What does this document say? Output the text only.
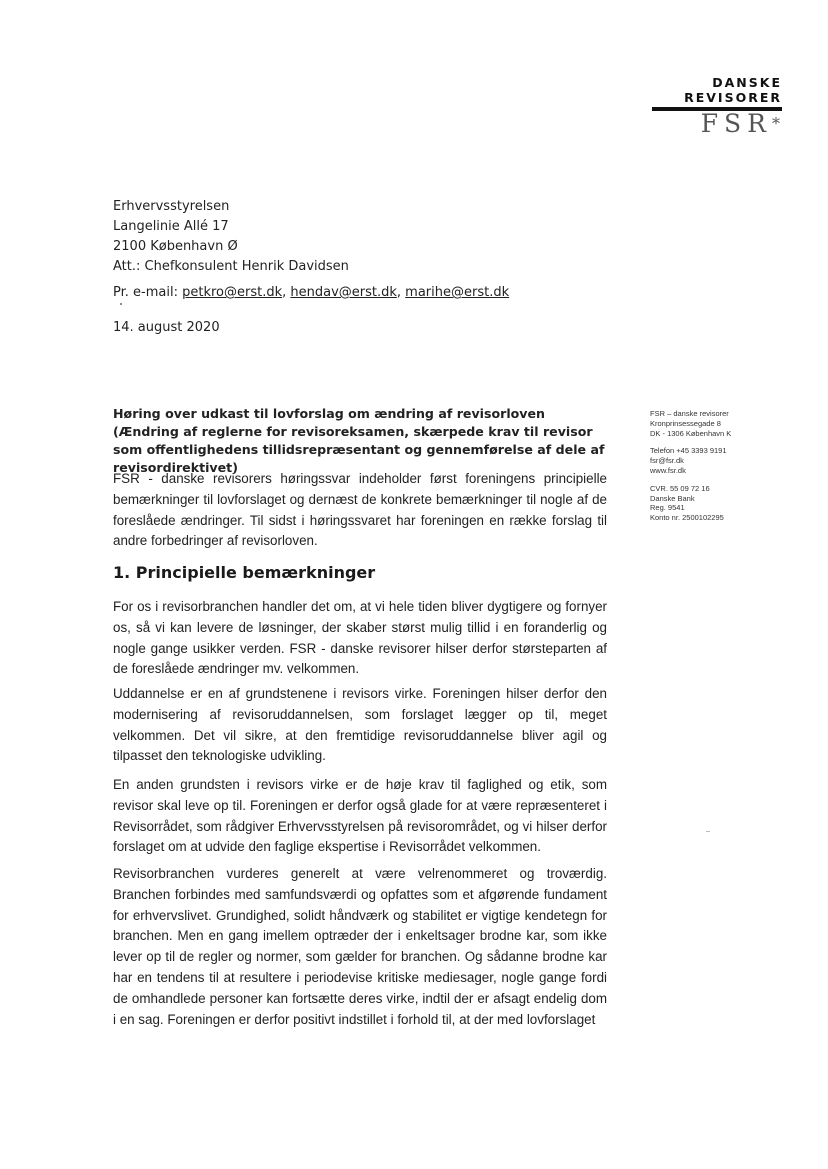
DANSKE
REVISORER
FSR*
Erhvervsstyrelsen
Langelinie Allé 17
2100 København Ø
Att.: Chefkonsulent Henrik Davidsen
Pr. e-mail: petkro@erst.dk, hendav@erst.dk, marihe@erst.dk
14. august 2020
Høring over udkast til lovforslag om ændring af revisorloven (Ændring af reglerne for revisoreksamen, skærpede krav til revisor som offentlighedens tillidsrepræsentant og gennemførelse af dele af revisordirektivet)
FSR – danske revisorer
Kronprinsessegade 8
DK - 1306 København K
Telefon +45 3393 9191
fsr@fsr.dk
www.fsr.dk
CVR. 55 09 72 16
Danske Bank
Reg. 9541
Konto nr. 2500102295

FSR - danske revisorers høringssvar indeholder først foreningens principielle bemærkninger til lovforslaget og dernæst de konkrete bemærkninger til nogle af de foreslåede ændringer. Til sidst i høringssvaret har foreningen en række forslag til andre forbedringer af revisorloven.

1. Principielle bemærkninger

For os i revisorbranchen handler det om, at vi hele tiden bliver dygtigere og fornyer os, så vi kan levere de løsninger, der skaber størst mulig tillid i en foranderlig og nogle gange usikker verden. FSR - danske revisorer hilser derfor størsteparten af de foreslåede ændringer mv. velkommen.

Uddannelse er en af grundstenene i revisors virke. Foreningen hilser derfor den modernisering af revisoruddannelsen, som forslaget lægger op til, meget velkommen. Det vil sikre, at den fremtidige revisoruddannelse bliver agil og tilpasset den teknologiske udvikling.

En anden grundsten i revisors virke er de høje krav til faglighed og etik, som revisor skal leve op til. Foreningen er derfor også glade for at være repræsenteret i Revisorrådet, som rådgiver Erhvervsstyrelsen på revisorområdet, og vi hilser derfor forslaget om at udvide den faglige ekspertise i Revisorrådet velkommen.

Revisorbranchen vurderes generelt at være velrenommeret og troværdig. Branchen forbindes med samfundsværdi og opfattes som et afgørende fundament for erhvervslivet. Grundighed, solidt håndværk og stabilitet er vigtige kendetegn for branchen. Men en gang imellem optræder der i enkeltsager brodne kar, som ikke lever op til de regler og normer, som gælder for branchen. Og sådanne brodne kar har en tendens til at resultere i periodevise kritiske mediesager, nogle gange fordi de omhandlede personer kan fortsætte deres virke, indtil der er afsagt endelig dom i en sag. Foreningen er derfor positivt indstillet i forhold til, at der med lovforslaget
